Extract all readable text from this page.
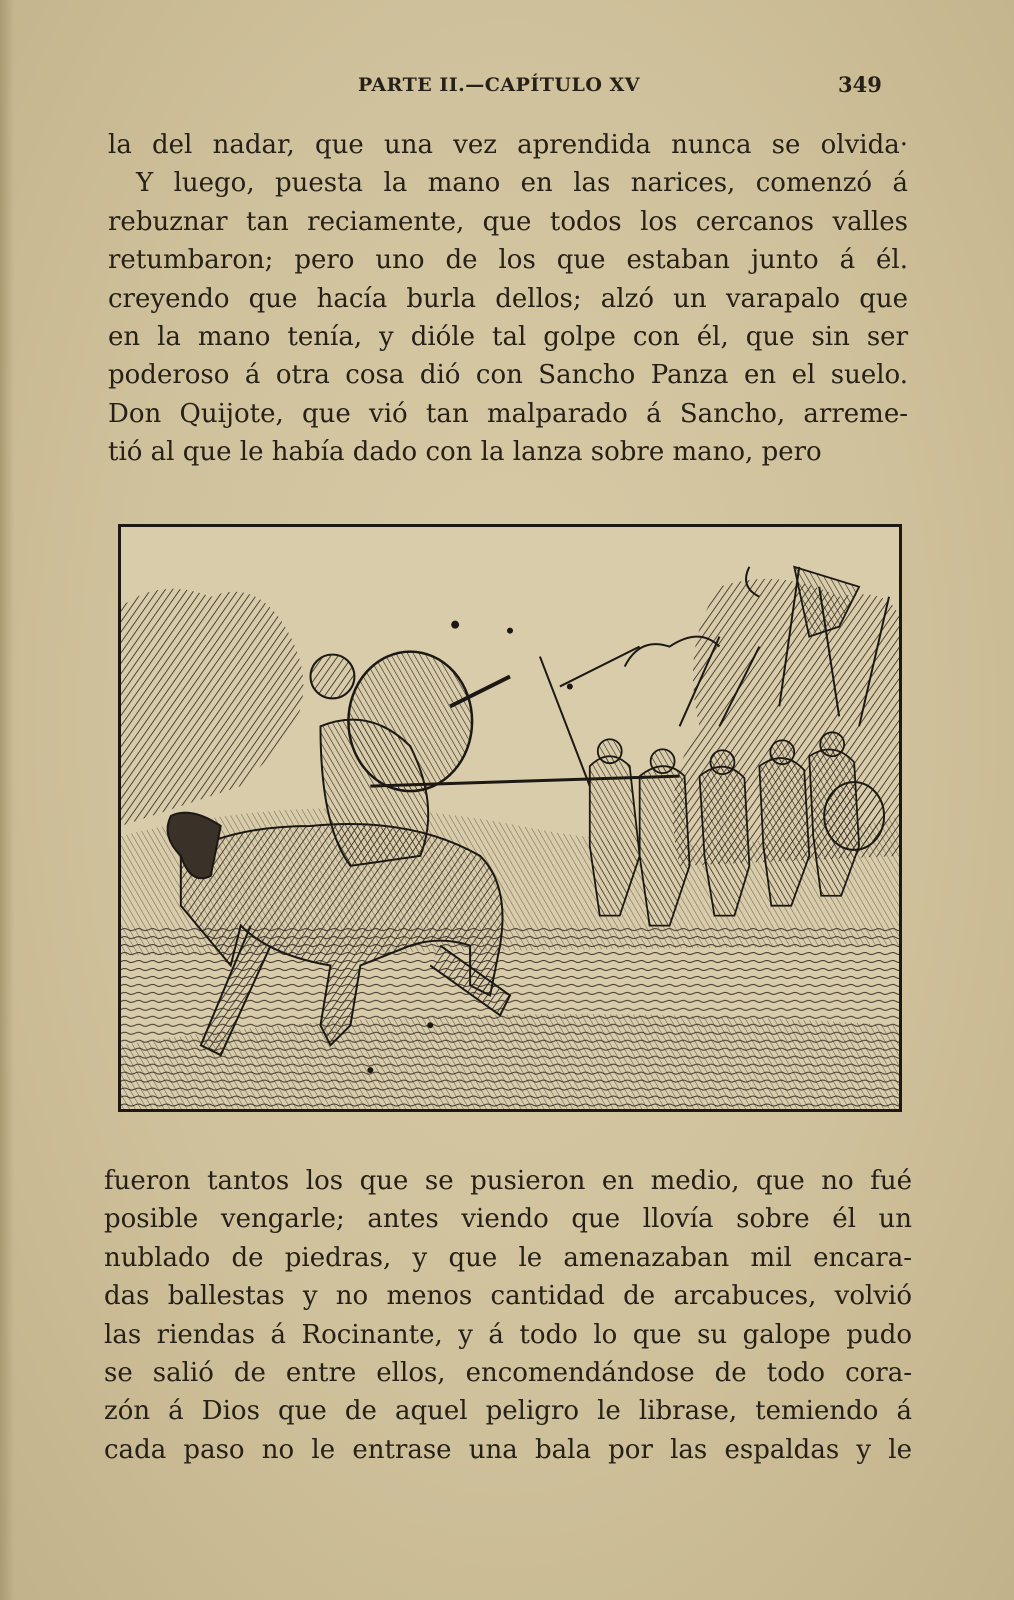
PARTE II.—CAPÍTULO XV	349
la del nadar, que una vez aprendida nunca se olvida·
Y luego, puesta la mano en las narices, comenzó á
rebuznar tan reciamente, que todos los cercanos valles
retumbaron; pero uno de los que estaban junto á él.
creyendo que hacía burla dellos; alzó un varapalo que
en la mano tenía, y dióle tal golpe con él, que sin ser
poderoso á otra cosa dió con Sancho Panza en el suelo.
Don Quijote, que vió tan malparado á Sancho, arreme-
tió al que le había dado con la lanza sobre mano, pero
fueron tantos los que se pusieron en medio, que no fué
posible vengarle; antes viendo que llovía sobre él un
nublado de piedras, y que le amenazaban mil encara-
das ballestas y no menos cantidad de arcabuces, volvió
las riendas á Rocinante, y á todo lo que su galope pudo
se salió de entre ellos, encomendándose de todo cora-
zón á Dios que de aquel peligro le librase, temiendo á
cada paso no le entrase una bala por las espaldas y le
